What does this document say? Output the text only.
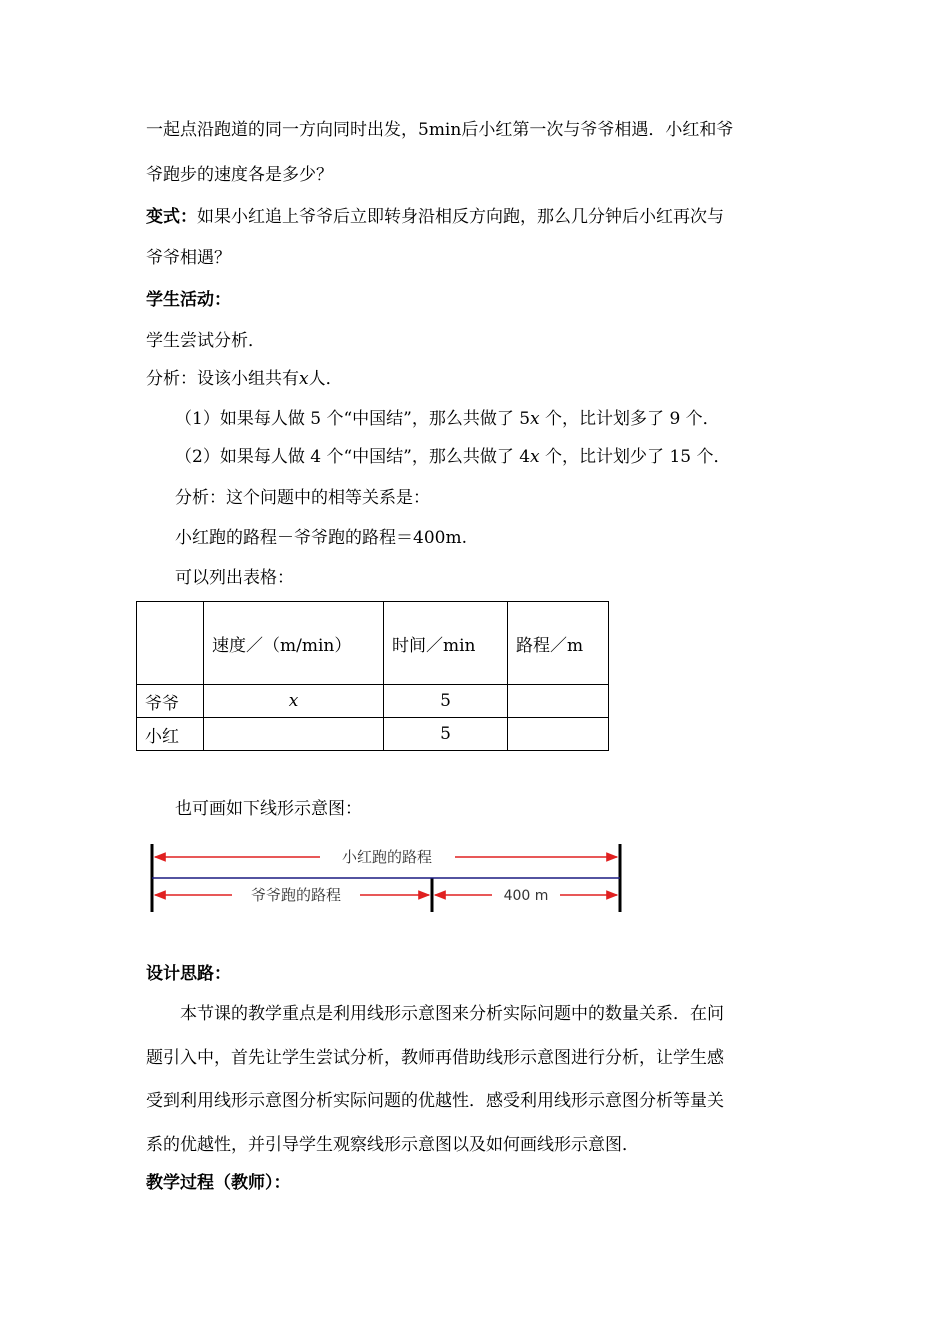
一起点沿跑道的同一方向同时出发，5min后小红第一次与爷爷相遇．小红和爷
爷跑步的速度各是多少？
变式：如果小红追上爷爷后立即转身沿相反方向跑，那么几分钟后小红再次与
爷爷相遇？
学生活动：
学生尝试分析．
分析：设该小组共有x人．
（1）如果每人做 5 个“中国结”，那么共做了 5x 个，比计划多了 9 个．
（2）如果每人做 4 个“中国结”，那么共做了 4x 个，比计划少了 15 个．
分析：这个问题中的相等关系是：
小红跑的路程－爷爷跑的路程＝400m.
可以列出表格：
	速度／（m/min）	时间／min	路程／m
爷爷	x	5	
小红		5	
也可画如下线形示意图：
小红跑的路程
爷爷跑的路程	400 m
设计思路：
本节课的教学重点是利用线形示意图来分析实际问题中的数量关系．在问
题引入中，首先让学生尝试分析，教师再借助线形示意图进行分析，让学生感
受到利用线形示意图分析实际问题的优越性．感受利用线形示意图分析等量关
系的优越性，并引导学生观察线形示意图以及如何画线形示意图．
教学过程（教师）：
